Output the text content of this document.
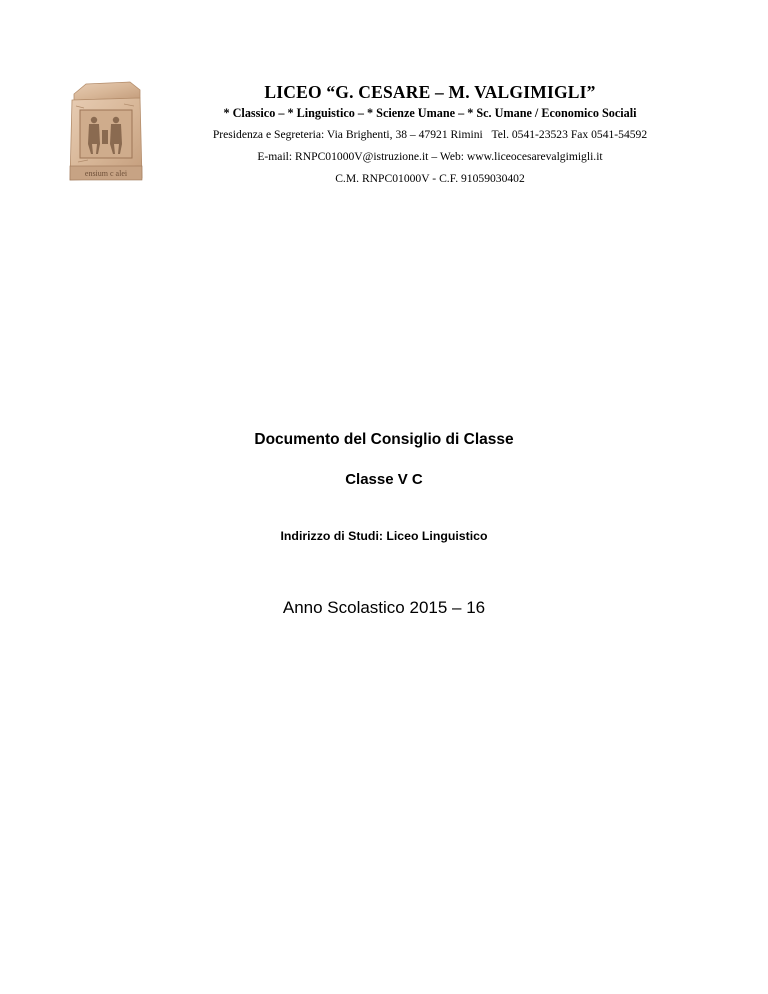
ensium c alei
LICEO “G. CESARE – M. VALGIMIGLI”
* Classico – * Linguistico – * Scienze Umane – * Sc. Umane / Economico Sociali
Presidenza e Segreteria: Via Brighenti, 38 – 47921 Rimini Tel. 0541-23523 Fax 0541-54592
E-mail: RNPC01000V@istruzione.it – Web: www.liceocesarevalgimigli.it
C.M. RNPC01000V - C.F. 91059030402
Documento del Consiglio di Classe
Classe V C
Indirizzo di Studi: Liceo Linguistico
Anno Scolastico 2015 – 16
